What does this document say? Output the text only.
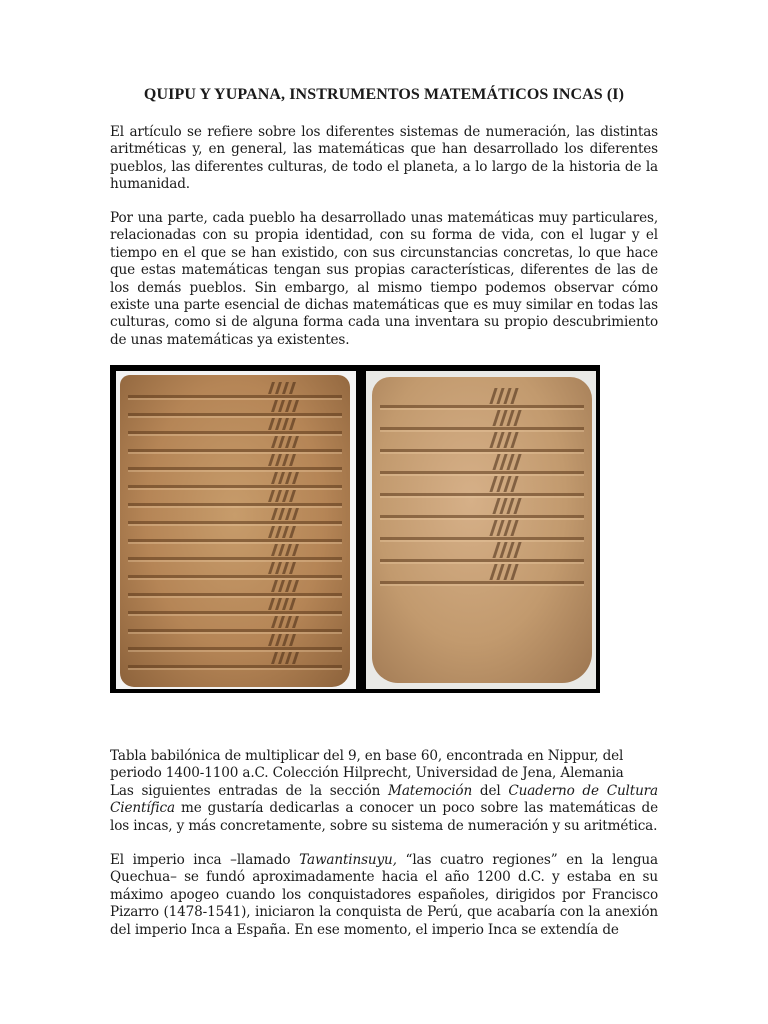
QUIPU Y YUPANA, INSTRUMENTOS MATEMÁTICOS INCAS (I)

El artículo se refiere sobre los diferentes sistemas de numeración, las distintas aritméticas y, en general, las matemáticas que han desarrollado los diferentes pueblos, las diferentes culturas, de todo el planeta, a lo largo de la historia de la humanidad.

Por una parte, cada pueblo ha desarrollado unas matemáticas muy particulares, relacionadas con su propia identidad, con su forma de vida, con el lugar y el tiempo en el que se han existido, con sus circunstancias concretas, lo que hace que estas matemáticas tengan sus propias características, diferentes de las de los demás pueblos. Sin embargo, al mismo tiempo podemos observar cómo existe una parte esencial de dichas matemáticas que es muy similar en todas las culturas, como si de alguna forma cada una inventara su propio descubrimiento de unas matemáticas ya existentes.

Tabla babilónica de multiplicar del 9, en base 60, encontrada en Nippur, del
periodo 1400-1100 a.C. Colección Hilprecht, Universidad de Jena, Alemania
Las siguientes entradas de la sección Matemoción del Cuaderno de Cultura Científica me gustaría dedicarlas a conocer un poco sobre las matemáticas de los incas, y más concretamente, sobre su sistema de numeración y su aritmética.

El imperio inca –llamado Tawantinsuyu, “las cuatro regiones” en la lengua Quechua– se fundó aproximadamente hacia el año 1200 d.C. y estaba en su máximo apogeo cuando los conquistadores españoles, dirigidos por Francisco Pizarro (1478-1541), iniciaron la conquista de Perú, que acabaría con la anexión del imperio Inca a España. En ese momento, el imperio Inca se extendía de
